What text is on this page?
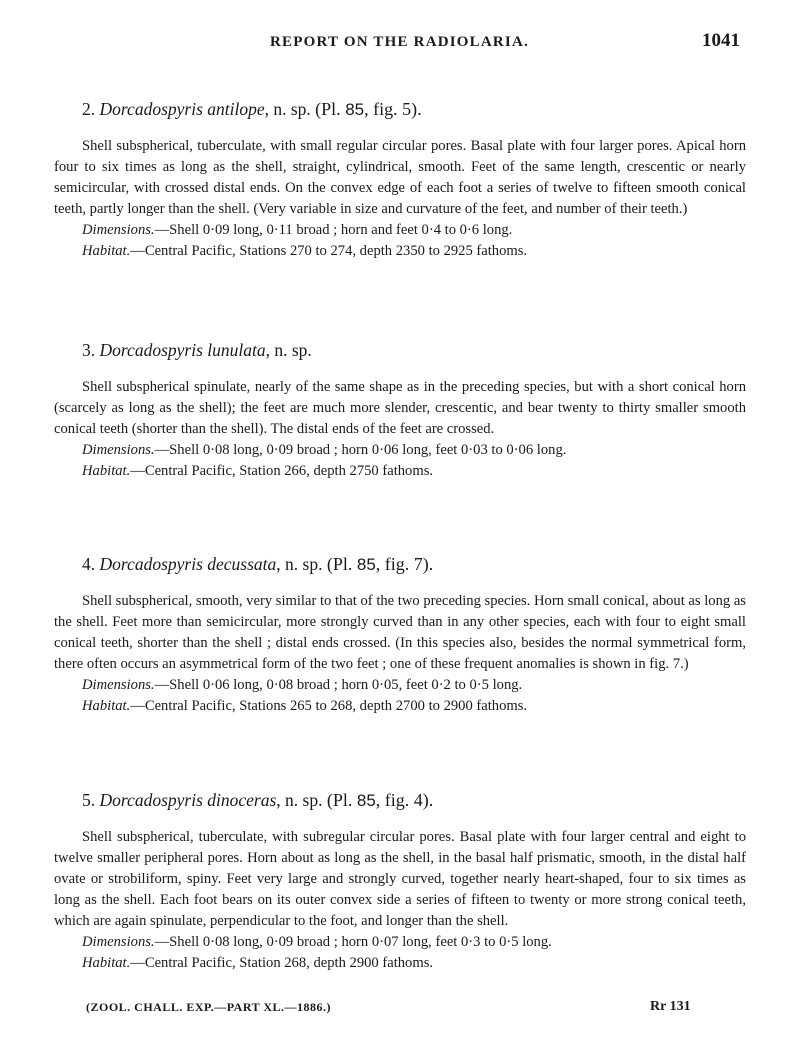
REPORT ON THE RADIOLARIA.	1041
2. Dorcadospyris antilope, n. sp. (Pl. 85, fig. 5).

Shell subspherical, tuberculate, with small regular circular pores. Basal plate with four larger pores. Apical horn four to six times as long as the shell, straight, cylindrical, smooth. Feet of the same length, crescentic or nearly semicircular, with crossed distal ends. On the convex edge of each foot a series of twelve to fifteen smooth conical teeth, partly longer than the shell. (Very variable in size and curvature of the feet, and number of their teeth.)

Dimensions.—Shell 0·09 long, 0·11 broad ; horn and feet 0·4 to 0·6 long.

Habitat.—Central Pacific, Stations 270 to 274, depth 2350 to 2925 fathoms.

3. Dorcadospyris lunulata, n. sp.

Shell subspherical spinulate, nearly of the same shape as in the preceding species, but with a short conical horn (scarcely as long as the shell); the feet are much more slender, crescentic, and bear twenty to thirty smaller smooth conical teeth (shorter than the shell). The distal ends of the feet are crossed.

Dimensions.—Shell 0·08 long, 0·09 broad ; horn 0·06 long, feet 0·03 to 0·06 long.

Habitat.—Central Pacific, Station 266, depth 2750 fathoms.

4. Dorcadospyris decussata, n. sp. (Pl. 85, fig. 7).

Shell subspherical, smooth, very similar to that of the two preceding species. Horn small conical, about as long as the shell. Feet more than semicircular, more strongly curved than in any other species, each with four to eight small conical teeth, shorter than the shell ; distal ends crossed. (In this species also, besides the normal symmetrical form, there often occurs an asymmetrical form of the two feet ; one of these frequent anomalies is shown in fig. 7.)

Dimensions.—Shell 0·06 long, 0·08 broad ; horn 0·05, feet 0·2 to 0·5 long.

Habitat.—Central Pacific, Stations 265 to 268, depth 2700 to 2900 fathoms.

5. Dorcadospyris dinoceras, n. sp. (Pl. 85, fig. 4).

Shell subspherical, tuberculate, with subregular circular pores. Basal plate with four larger central and eight to twelve smaller peripheral pores. Horn about as long as the shell, in the basal half prismatic, smooth, in the distal half ovate or strobiliform, spiny. Feet very large and strongly curved, together nearly heart-shaped, four to six times as long as the shell. Each foot bears on its outer convex side a series of fifteen to twenty or more strong conical teeth, which are again spinulate, perpendicular to the foot, and longer than the shell.

Dimensions.—Shell 0·08 long, 0·09 broad ; horn 0·07 long, feet 0·3 to 0·5 long.

Habitat.—Central Pacific, Station 268, depth 2900 fathoms.

(ZOOL. CHALL. EXP.—PART XL.—1886.)	Rr 131
